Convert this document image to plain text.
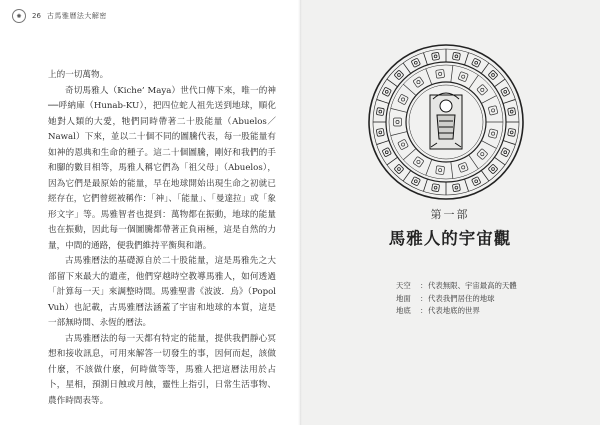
✺	26 古馬雅曆法大解密

上的一切萬物。

奇切馬雅人（Kiche’ Maya）世代口傳下來，唯一的神──呼納庫（Hunab-KU），把四位蛇人祖先送到地球，順化她對人類的大愛，牠們同時帶著二十股能量（Abuelos／Nawal）下來，並以二十個不同的圖騰代表，每一股能量有如神的恩典和生命的種子。這二十個圖騰，剛好和我們的手和腳的數目相等，馬雅人稱它們為「祖父母」（Abuelos），因為它們是最原始的能量，早在地球開始出現生命之初就已經存在，它們曾經被稱作：「神」、「能量」、「曼達拉」或「象形文字」等。馬雅智者也提到：萬物都在振動，地球的能量也在振動，因此每一個圖騰都帶著正負兩極，這是自然的力量，中間的通路，便我們維持平衡與和諧。

古馬雅曆法的基礎源自於二十股能量，這是馬雅先之大部留下來最大的遺產，他們穿越時空教導馬雅人，如何透過「計算每一天」來調整時間。馬雅聖書《波波．烏》（Popol Vuh）也記載，古馬雅曆法涵蓋了宇宙和地球的本質，這是一部無時間、永恆的曆法。

古馬雅曆法的每一天都有特定的能量，提供我們靜心冥想和接收訊息，可用來解答一切發生的事，因何而起，該做什麼，不該做什麼，何時做等等，馬雅人把這曆法用於占卜，星相，預測日蝕或月蝕，靈性上指引，日常生活事物、農作時間表等。

第一部
馬雅人的宇宙觀
天空	： 代表無限、宇宙最高的天體
地面	： 代表我們居住的地球
地底	： 代表地底的世界
